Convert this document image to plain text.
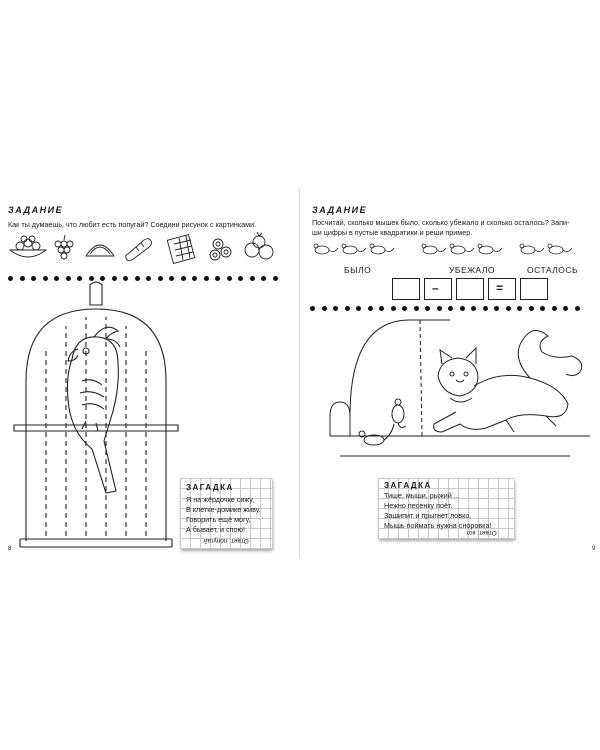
ЗАДАНИЕ
Как ты думаешь, что любит есть попугай? Соедини рисунок с картинками.
ЗАГАДКА
Я на жёрдочке сижу,
В клетке-домике живу.
Говорить ещё могу,
А бывает, и спою!
Ответ: попугай
8
ЗАДАНИЕ
Посчитай, сколько мышек было, сколько убежало и сколько осталось? Запи-
ши цифры в пустые квадратики и реши пример.
БЫЛО	УБЕЖАЛО	ОСТАЛОСЬ
–	=
ЗАГАДКА
Тише, мыши, рыжий ...
Нежно песенку поёт.
Зашипит и прыгнет ловко.
Мышь поймать нужна сноровка!
Ответ: кот
9
